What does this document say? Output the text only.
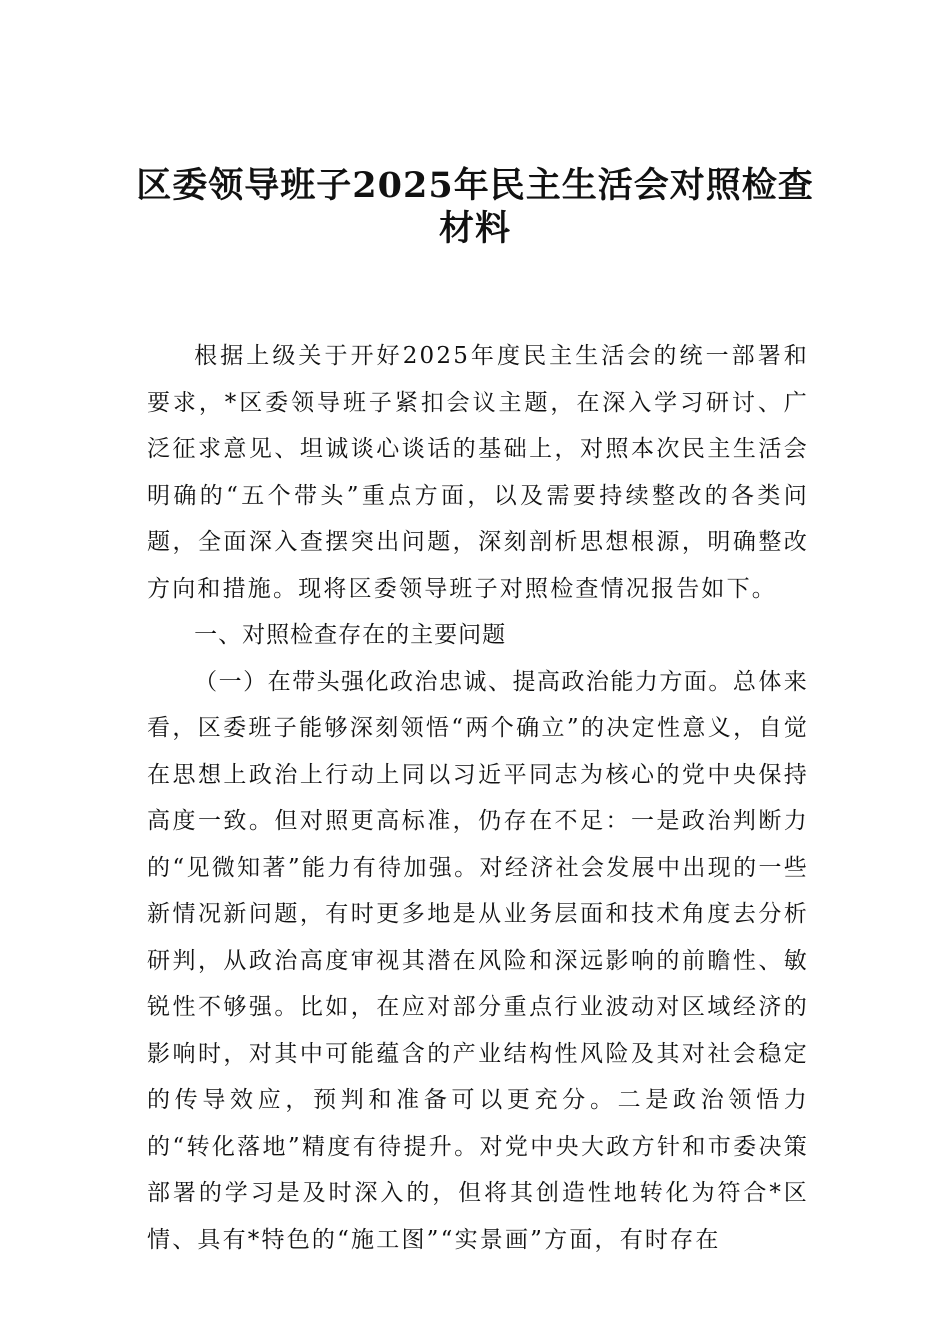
区委领导班子2025年民主生活会对照检查
材料

根据上级关于开好2025年度民主生活会的统一部署和要求，*区委领导班子紧扣会议主题，在深入学习研讨、广泛征求意见、坦诚谈心谈话的基础上，对照本次民主生活会明确的“五个带头”重点方面，以及需要持续整改的各类问题，全面深入查摆突出问题，深刻剖析思想根源，明确整改方向和措施。现将区委领导班子对照检查情况报告如下。

一、对照检查存在的主要问题

（一）在带头强化政治忠诚、提高政治能力方面。总体来看，区委班子能够深刻领悟“两个确立”的决定性意义，自觉在思想上政治上行动上同以习近平同志为核心的党中央保持高度一致。但对照更高标准，仍存在不足：一是政治判断力的“见微知著”能力有待加强。对经济社会发展中出现的一些新情况新问题，有时更多地是从业务层面和技术角度去分析研判，从政治高度审视其潜在风险和深远影响的前瞻性、敏锐性不够强。比如，在应对部分重点行业波动对区域经济的影响时，对其中可能蕴含的产业结构性风险及其对社会稳定的传导效应，预判和准备可以更充分。二是政治领悟力的“转化落地”精度有待提升。对党中央大政方针和市委决策部署的学习是及时深入的，但将其创造性地转化为符合*区情、具有*特色的“施工图”“实景画”方面，有时存在
